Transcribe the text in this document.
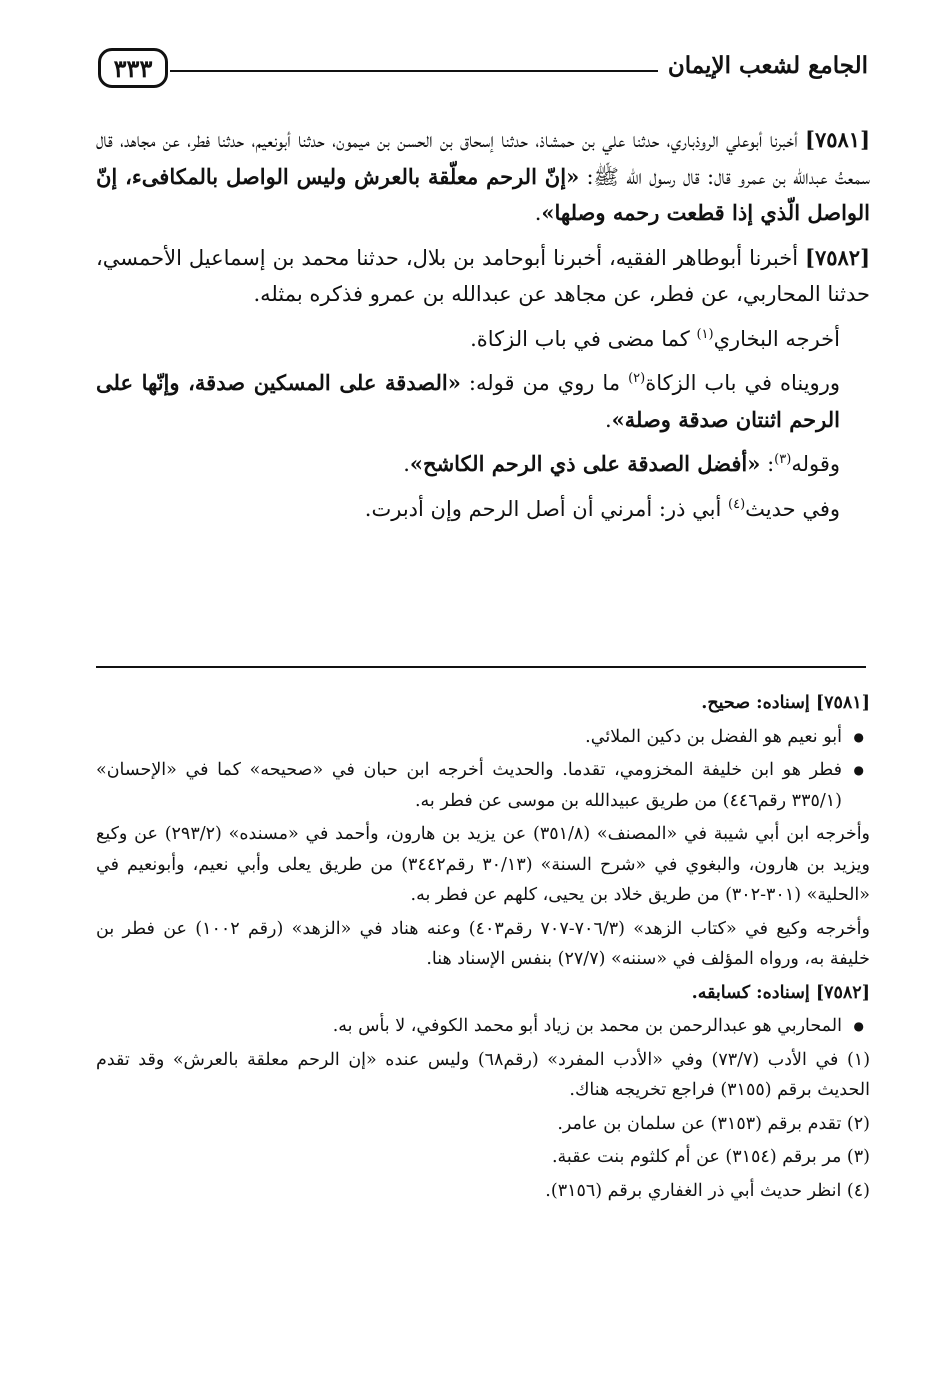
٣٣٣	الجامع لشعب الإيمان

[٧٥٨١] أخبرنا أبوعلي الروذباري، حدثنا علي بن حمشاذ، حدثنا إسحاق بن الحسن بن ميمون، حدثنا أبونعيم، حدثنا فطر، عن مجاهد، قال سمعتُ عبدالله بن عمرو قال: قال رسول الله ﷺ: «إنّ الرحم معلّقة بالعرش وليس الواصل بالمكافىء، إنّ الواصل الّذي إذا قطعت رحمه وصلها».

[٧٥٨٢] أخبرنا أبوطاهر الفقيه، أخبرنا أبوحامد بن بلال، حدثنا محمد بن إسماعيل الأحمسي، حدثنا المحاربي، عن فطر، عن مجاهد عن عبدالله بن عمرو فذكره بمثله.

أخرجه البخاري$^{(١)}$ كما مضى في باب الزكاة.

ورويناه في باب الزكاة$^{(٢)}$ ما روي من قوله: «الصدقة على المسكين صدقة، وإنّها على الرحم اثنتان صدقة وصلة».

وقوله$^{(٣)}$: «أفضل الصدقة على ذي الرحم الكاشح».

وفي حديث$^{(٤)}$ أبي ذر: أمرني أن أصل الرحم وإن أدبرت.

[٧٥٨١] إسناده: صحيح.

● أبو نعيم هو الفضل بن دكين الملائي.

● فطر هو ابن خليفة المخزومي، تقدما. والحديث أخرجه ابن حبان في «صحيحه» كما في «الإحسان» (٣٣٥/١ رقم٤٤٦) من طريق عبيدالله بن موسى عن فطر به.

وأخرجه ابن أبي شيبة في «المصنف» (٣٥١/٨) عن يزيد بن هارون، وأحمد في «مسنده» (٢٩٣/٢) عن وكيع ويزيد بن هارون، والبغوي في «شرح السنة» (٣٠/١٣ رقم٣٤٤٢) من طريق يعلى وأبي نعيم، وأبونعيم في «الحلية» (٣٠١-٣٠٢) من طريق خلاد بن يحيى، كلهم عن فطر به.

وأخرجه وكيع في «كتاب الزهد» (٧٠٦/٣-٧٠٧ رقم٤٠٣) وعنه هناد في «الزهد» (رقم ١٠٠٢) عن فطر بن خليفة به، ورواه المؤلف في «سننه» (٢٧/٧) بنفس الإسناد هنا.

[٧٥٨٢] إسناده: كسابقه.

● المحاربي هو عبدالرحمن بن محمد بن زياد أبو محمد الكوفي، لا بأس به.

(١) في الأدب (٧٣/٧) وفي «الأدب المفرد» (رقم٦٨) وليس عنده «إن الرحم معلقة بالعرش» وقد تقدم الحديث برقم (٣١٥٥) فراجع تخريجه هناك.

(٢) تقدم برقم (٣١٥٣) عن سلمان بن عامر.

(٣) مر برقم (٣١٥٤) عن أم كلثوم بنت عقبة.

(٤) انظر حديث أبي ذر الغفاري برقم (٣١٥٦).
